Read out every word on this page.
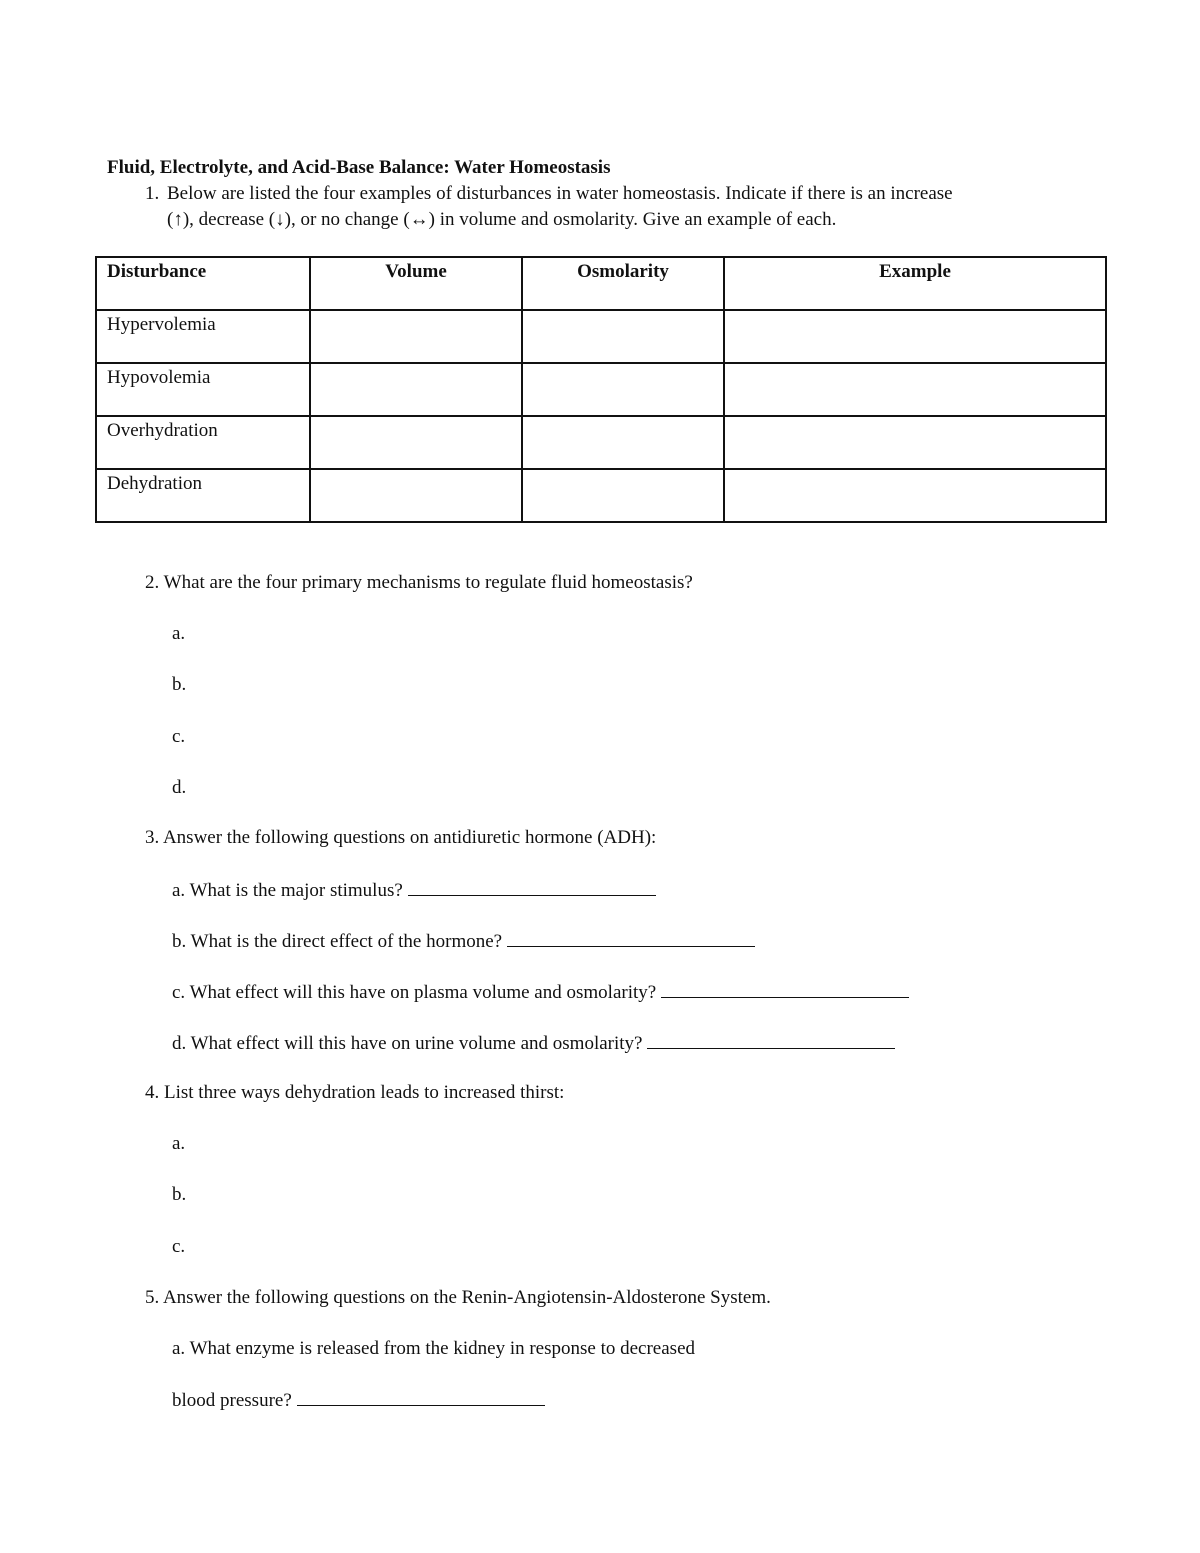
Fluid, Electrolyte, and Acid-Base Balance: Water Homeostasis
1. Below are listed the four examples of disturbances in water homeostasis. Indicate if there is an increase
(↑), decrease (↓), or no change (↔) in volume and osmolarity. Give an example of each.
Disturbance	Volume	Osmolarity	Example
Hypervolemia			
Hypovolemia			
Overhydration			
Dehydration			
2. What are the four primary mechanisms to regulate fluid homeostasis?
a.
b.
c.
d.
3. Answer the following questions on antidiuretic hormone (ADH):
a. What is the major stimulus?
b. What is the direct effect of the hormone?
c. What effect will this have on plasma volume and osmolarity?
d. What effect will this have on urine volume and osmolarity?
4. List three ways dehydration leads to increased thirst:
a.
b.
c.
5. Answer the following questions on the Renin-Angiotensin-Aldosterone System.
a. What enzyme is released from the kidney in response to decreased
blood pressure?
